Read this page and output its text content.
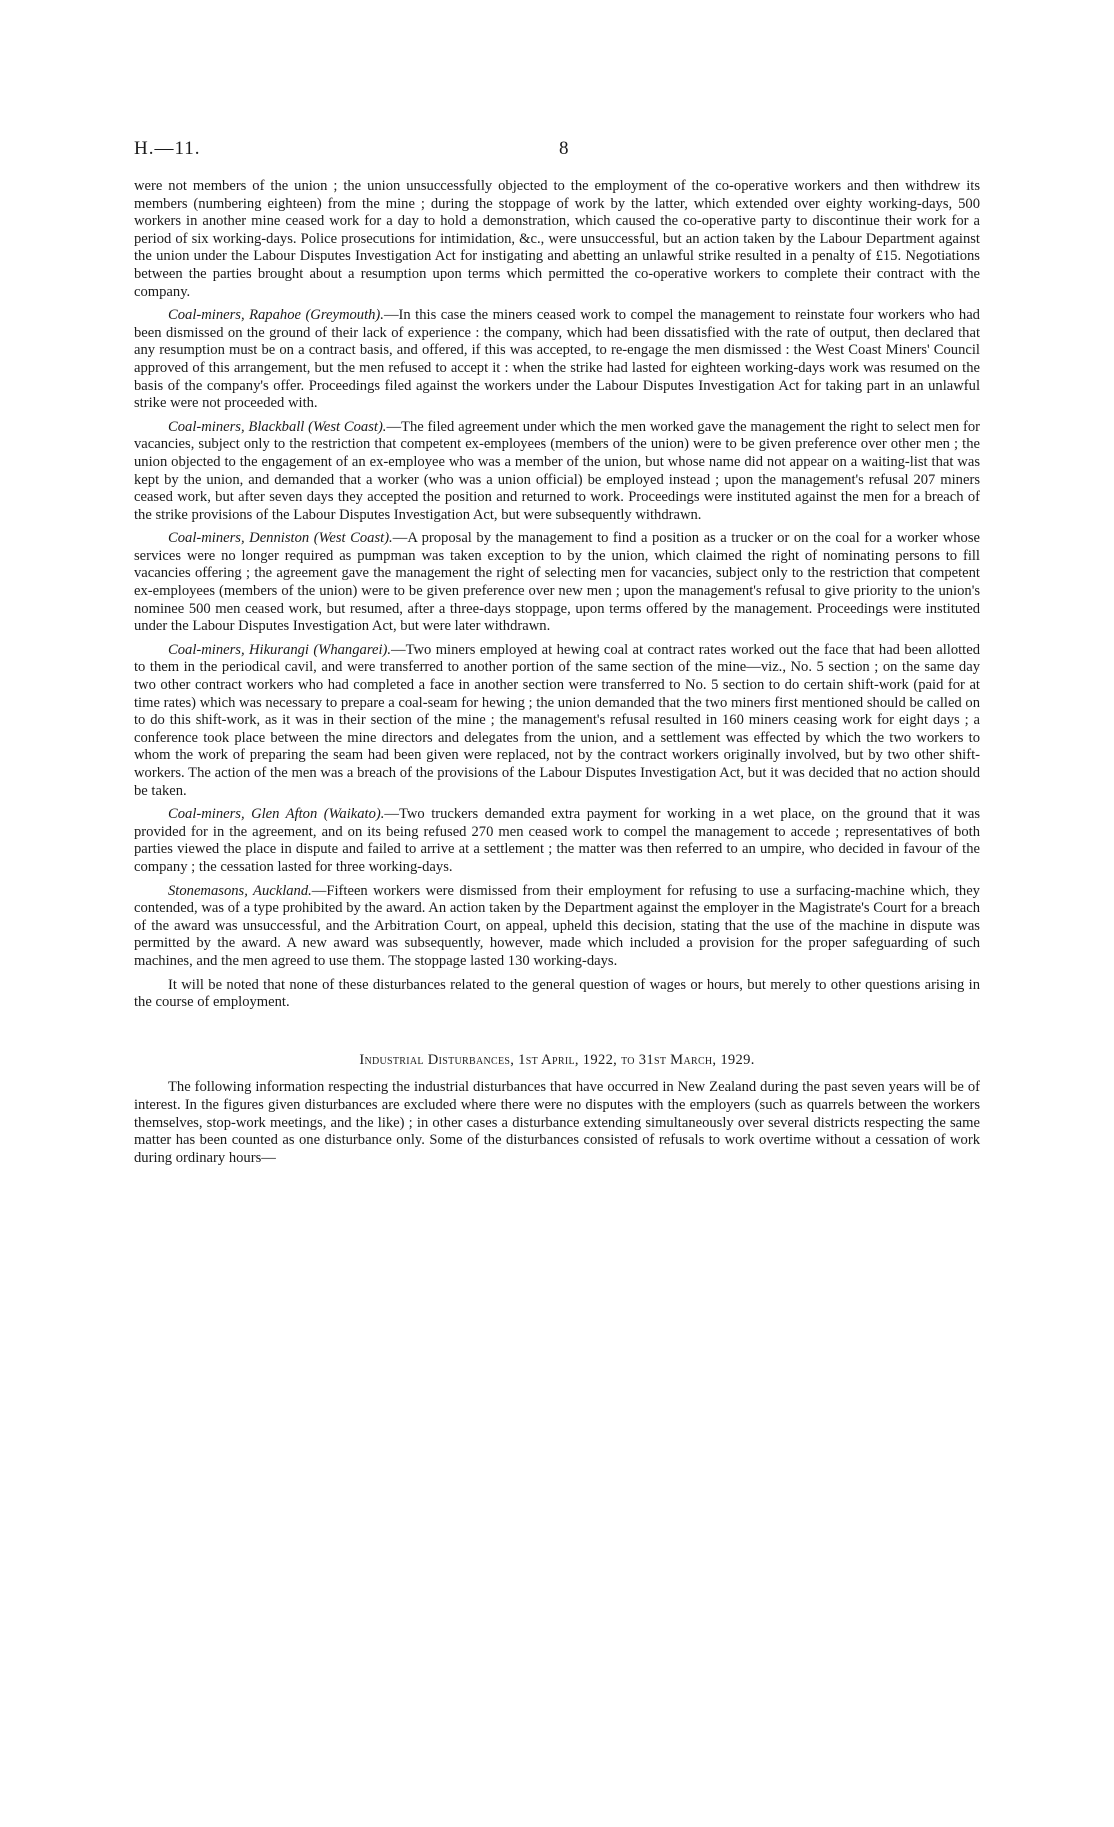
H.—11.	8

were not members of the union ; the union unsuccessfully objected to the employment of the co-operative workers and then withdrew its members (numbering eighteen) from the mine ; during the stoppage of work by the latter, which extended over eighty working-days, 500 workers in another mine ceased work for a day to hold a demonstration, which caused the co-operative party to discontinue their work for a period of six working-days. Police prosecutions for intimidation, &c., were unsuccessful, but an action taken by the Labour Department against the union under the Labour Disputes Investigation Act for instigating and abetting an unlawful strike resulted in a penalty of £15. Negotiations between the parties brought about a resumption upon terms which permitted the co-operative workers to complete their contract with the company.

Coal-miners, Rapahoe (Greymouth).—In this case the miners ceased work to compel the management to reinstate four workers who had been dismissed on the ground of their lack of experience : the company, which had been dissatisfied with the rate of output, then declared that any resumption must be on a contract basis, and offered, if this was accepted, to re-engage the men dismissed : the West Coast Miners' Council approved of this arrangement, but the men refused to accept it : when the strike had lasted for eighteen working-days work was resumed on the basis of the company's offer. Proceedings filed against the workers under the Labour Disputes Investigation Act for taking part in an unlawful strike were not proceeded with.

Coal-miners, Blackball (West Coast).—The filed agreement under which the men worked gave the management the right to select men for vacancies, subject only to the restriction that competent ex-employees (members of the union) were to be given preference over other men ; the union objected to the engagement of an ex-employee who was a member of the union, but whose name did not appear on a waiting-list that was kept by the union, and demanded that a worker (who was a union official) be employed instead ; upon the management's refusal 207 miners ceased work, but after seven days they accepted the position and returned to work. Proceedings were instituted against the men for a breach of the strike provisions of the Labour Disputes Investigation Act, but were subsequently withdrawn.

Coal-miners, Denniston (West Coast).—A proposal by the management to find a position as a trucker or on the coal for a worker whose services were no longer required as pumpman was taken exception to by the union, which claimed the right of nominating persons to fill vacancies offering ; the agreement gave the management the right of selecting men for vacancies, subject only to the restriction that competent ex-employees (members of the union) were to be given preference over new men ; upon the management's refusal to give priority to the union's nominee 500 men ceased work, but resumed, after a three-days stoppage, upon terms offered by the management. Proceedings were instituted under the Labour Disputes Investigation Act, but were later withdrawn.

Coal-miners, Hikurangi (Whangarei).—Two miners employed at hewing coal at contract rates worked out the face that had been allotted to them in the periodical cavil, and were transferred to another portion of the same section of the mine—viz., No. 5 section ; on the same day two other contract workers who had completed a face in another section were transferred to No. 5 section to do certain shift-work (paid for at time rates) which was necessary to prepare a coal-seam for hewing ; the union demanded that the two miners first mentioned should be called on to do this shift-work, as it was in their section of the mine ; the management's refusal resulted in 160 miners ceasing work for eight days ; a conference took place between the mine directors and delegates from the union, and a settlement was effected by which the two workers to whom the work of preparing the seam had been given were replaced, not by the contract workers originally involved, but by two other shift-workers. The action of the men was a breach of the provisions of the Labour Disputes Investigation Act, but it was decided that no action should be taken.

Coal-miners, Glen Afton (Waikato).—Two truckers demanded extra payment for working in a wet place, on the ground that it was provided for in the agreement, and on its being refused 270 men ceased work to compel the management to accede ; representatives of both parties viewed the place in dispute and failed to arrive at a settlement ; the matter was then referred to an umpire, who decided in favour of the company ; the cessation lasted for three working-days.

Stonemasons, Auckland.—Fifteen workers were dismissed from their employment for refusing to use a surfacing-machine which, they contended, was of a type prohibited by the award. An action taken by the Department against the employer in the Magistrate's Court for a breach of the award was unsuccessful, and the Arbitration Court, on appeal, upheld this decision, stating that the use of the machine in dispute was permitted by the award. A new award was subsequently, however, made which included a provision for the proper safeguarding of such machines, and the men agreed to use them. The stoppage lasted 130 working-days.

It will be noted that none of these disturbances related to the general question of wages or hours, but merely to other questions arising in the course of employment.

Industrial Disturbances, 1st April, 1922, to 31st March, 1929.

The following information respecting the industrial disturbances that have occurred in New Zealand during the past seven years will be of interest. In the figures given disturbances are excluded where there were no disputes with the employers (such as quarrels between the workers themselves, stop-work meetings, and the like) ; in other cases a disturbance extending simultaneously over several districts respecting the same matter has been counted as one disturbance only. Some of the disturbances consisted of refusals to work overtime without a cessation of work during ordinary hours—
